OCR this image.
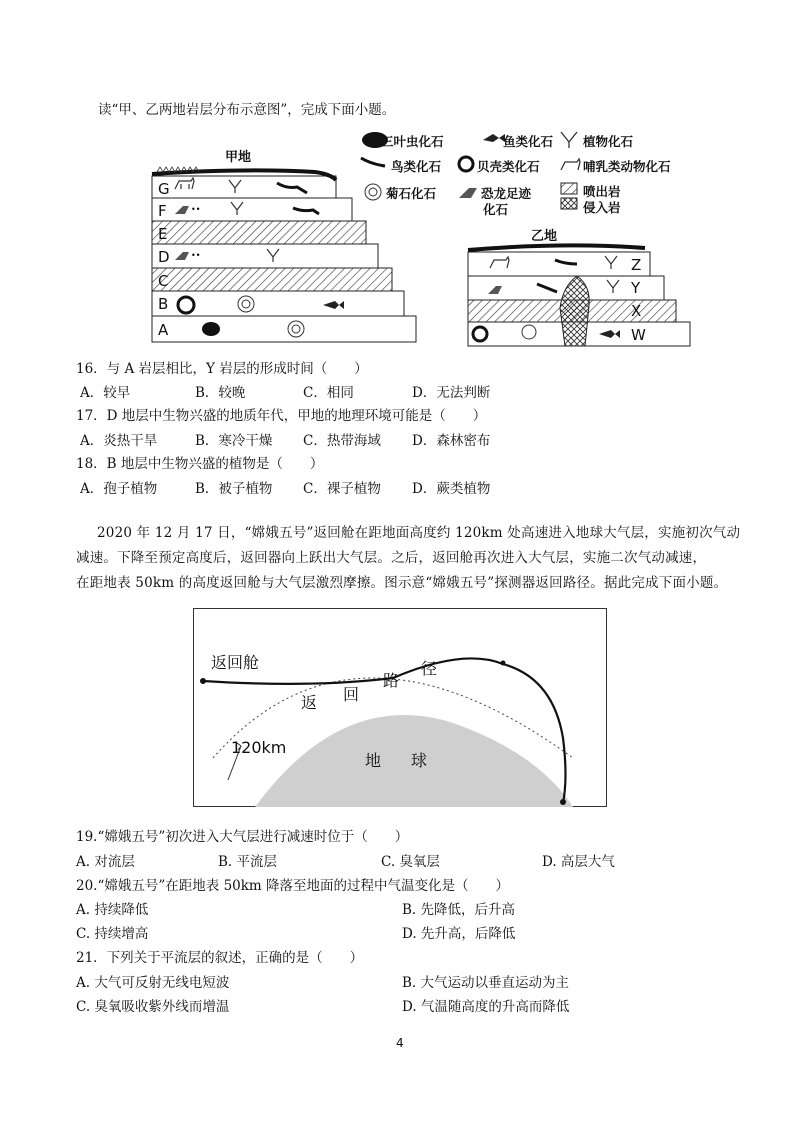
读“甲、乙两地岩层分布示意图”，完成下面小题。
••
••
三叶虫化石	鱼类化石 植物化石
鸟类化石	贝壳类化石	哺乳类动物化石
菊石化石	恐龙足迹
化石
喷出岩
侵入岩
甲地
乙地
G
F
E
D
C
B
A
Z
Y
X
W
16．与 A 岩层相比，Y 岩层的形成时间（　　）
A．较早	B．较晚	C．相同	D．无法判断
17．D 地层中生物兴盛的地质年代，甲地的地理环境可能是（　　）
A．炎热干旱	B．寒冷干燥 C．热带海域 D．森林密布
18．B 地层中生物兴盛的植物是（　　）
A．孢子植物	B．被子植物 C．裸子植物 D．蕨类植物
2020 年 12 月 17 日，“嫦娥五号”返回舱在距地面高度约 120km 处高速进入地球大气层，实施初次气动
减速。下降至预定高度后，返回器向上跃出大气层。之后，返回舱再次进入大气层，实施二次气动减速，
在距地表 50km 的高度返回舱与大气层激烈摩擦。图示意“嫦娥五号”探测器返回路径。据此完成下面小题。
返回舱
返 回
路
径
120km
地 球
19.“嫦娥五号”初次进入大气层进行减速时位于（　　）
A. 对流层	B. 平流层	C. 臭氧层	D. 高层大气
20.“嫦娥五号”在距地表 50km 降落至地面的过程中气温变化是（　　）
A. 持续降低	B. 先降低，后升高
C. 持续增高	D. 先升高，后降低
21．下列关于平流层的叙述，正确的是（　　）
A. 大气可反射无线电短波	B. 大气运动以垂直运动为主
C. 臭氧吸收紫外线而增温	D. 气温随高度的升高而降低
4
